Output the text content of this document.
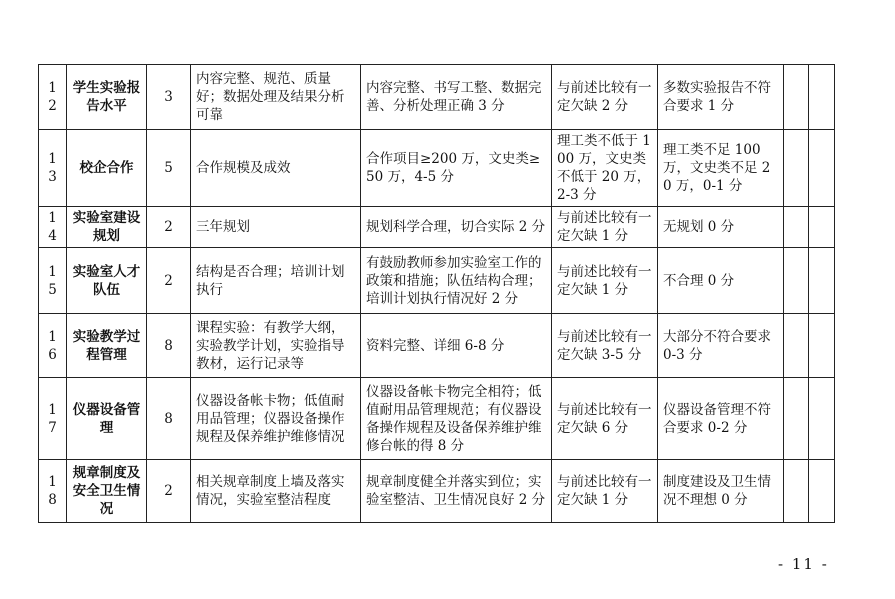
12	学生实验报告水平	3	内容完整、规范、质量好；数据处理及结果分析可靠	内容完整、书写工整、数据完善、分析处理正确 3 分	与前述比较有一定欠缺 2 分	多数实验报告不符合要求 1 分		
13	校企合作	5	合作规模及成效	合作项目≥200 万，文史类≥ 50 万，4-5 分	理工类不低于 100 万，文史类不低于 20 万，2-3 分	理工类不足 100 万，文史类不足 20 万，0-1 分		
14	实验室建设规划	2	三年规划	规划科学合理，切合实际 2 分	与前述比较有一定欠缺 1 分	无规划 0 分		
15	实验室人才队伍	2	结构是否合理；培训计划执行	有鼓励教师参加实验室工作的政策和措施；队伍结构合理；培训计划执行情况好 2 分	与前述比较有一定欠缺 1 分	不合理 0 分		
16	实验教学过程管理	8	课程实验：有教学大纲，实验教学计划，实验指导教材，运行记录等	资料完整、详细 6-8 分	与前述比较有一定欠缺 3-5 分	大部分不符合要求 0-3 分		
17	仪器设备管理	8	仪器设备帐卡物；低值耐用品管理；仪器设备操作规程及保养维护维修情况	仪器设备帐卡物完全相符；低值耐用品管理规范；有仪器设备操作规程及设备保养维护维修台帐的得 8 分	与前述比较有一定欠缺 6 分	仪器设备管理不符合要求 0-2 分		
18	规章制度及安全卫生情况	2	相关规章制度上墙及落实情况，实验室整洁程度	规章制度健全并落实到位；实验室整洁、卫生情况良好 2 分	与前述比较有一定欠缺 1 分	制度建设及卫生情况不理想 0 分		
- 11 -
